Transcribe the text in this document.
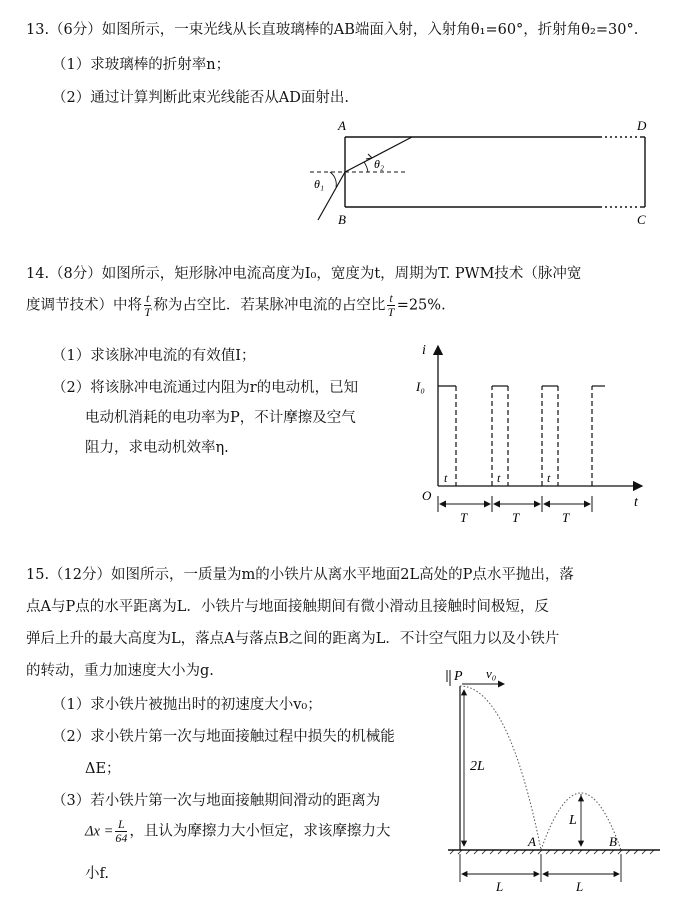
13.（6分）如图所示，一束光线从长直玻璃棒的AB端面入射，入射角θ₁=60°，折射角θ₂=30°.
（1）求玻璃棒的折射率n；
（2）通过计算判断此束光线能否从AD面射出.
A
B
D
C
θ₂
θ₁
14.（8分）如图所示，矩形脉冲电流高度为I₀，宽度为t，周期为T. PWM技术（脉冲宽
度调节技术）中将 $\frac{t}{T}$ 称为占空比．若某脉冲电流的占空比 $\frac{t}{T} =25\%$.
（1）求该脉冲电流的有效值I；
（2）将该脉冲电流通过内阻为r的电动机，已知
电动机消耗的电功率为P，不计摩擦及空气
阻力，求电动机效率η.
i
t
O
I₀
t	t	t
T	T	T
15.（12分）如图所示，一质量为m的小铁片从离水平地面2L高处的P点水平抛出，落
点A与P点的水平距离为L．小铁片与地面接触期间有微小滑动且接触时间极短，反
弹后上升的最大高度为L，落点A与落点B之间的距离为L．不计空气阻力以及小铁片
的转动，重力加速度大小为g.
（1）求小铁片被抛出时的初速度大小v₀；
（2）求小铁片第一次与地面接触过程中损失的机械能
ΔE；
（3）若小铁片第一次与地面接触期间滑动的距离为
$\Delta x = \frac{L}{64}$ ，且认为摩擦力大小恒定，求该摩擦力大
小f.
P v₀
2L
L
A	B
L	L
